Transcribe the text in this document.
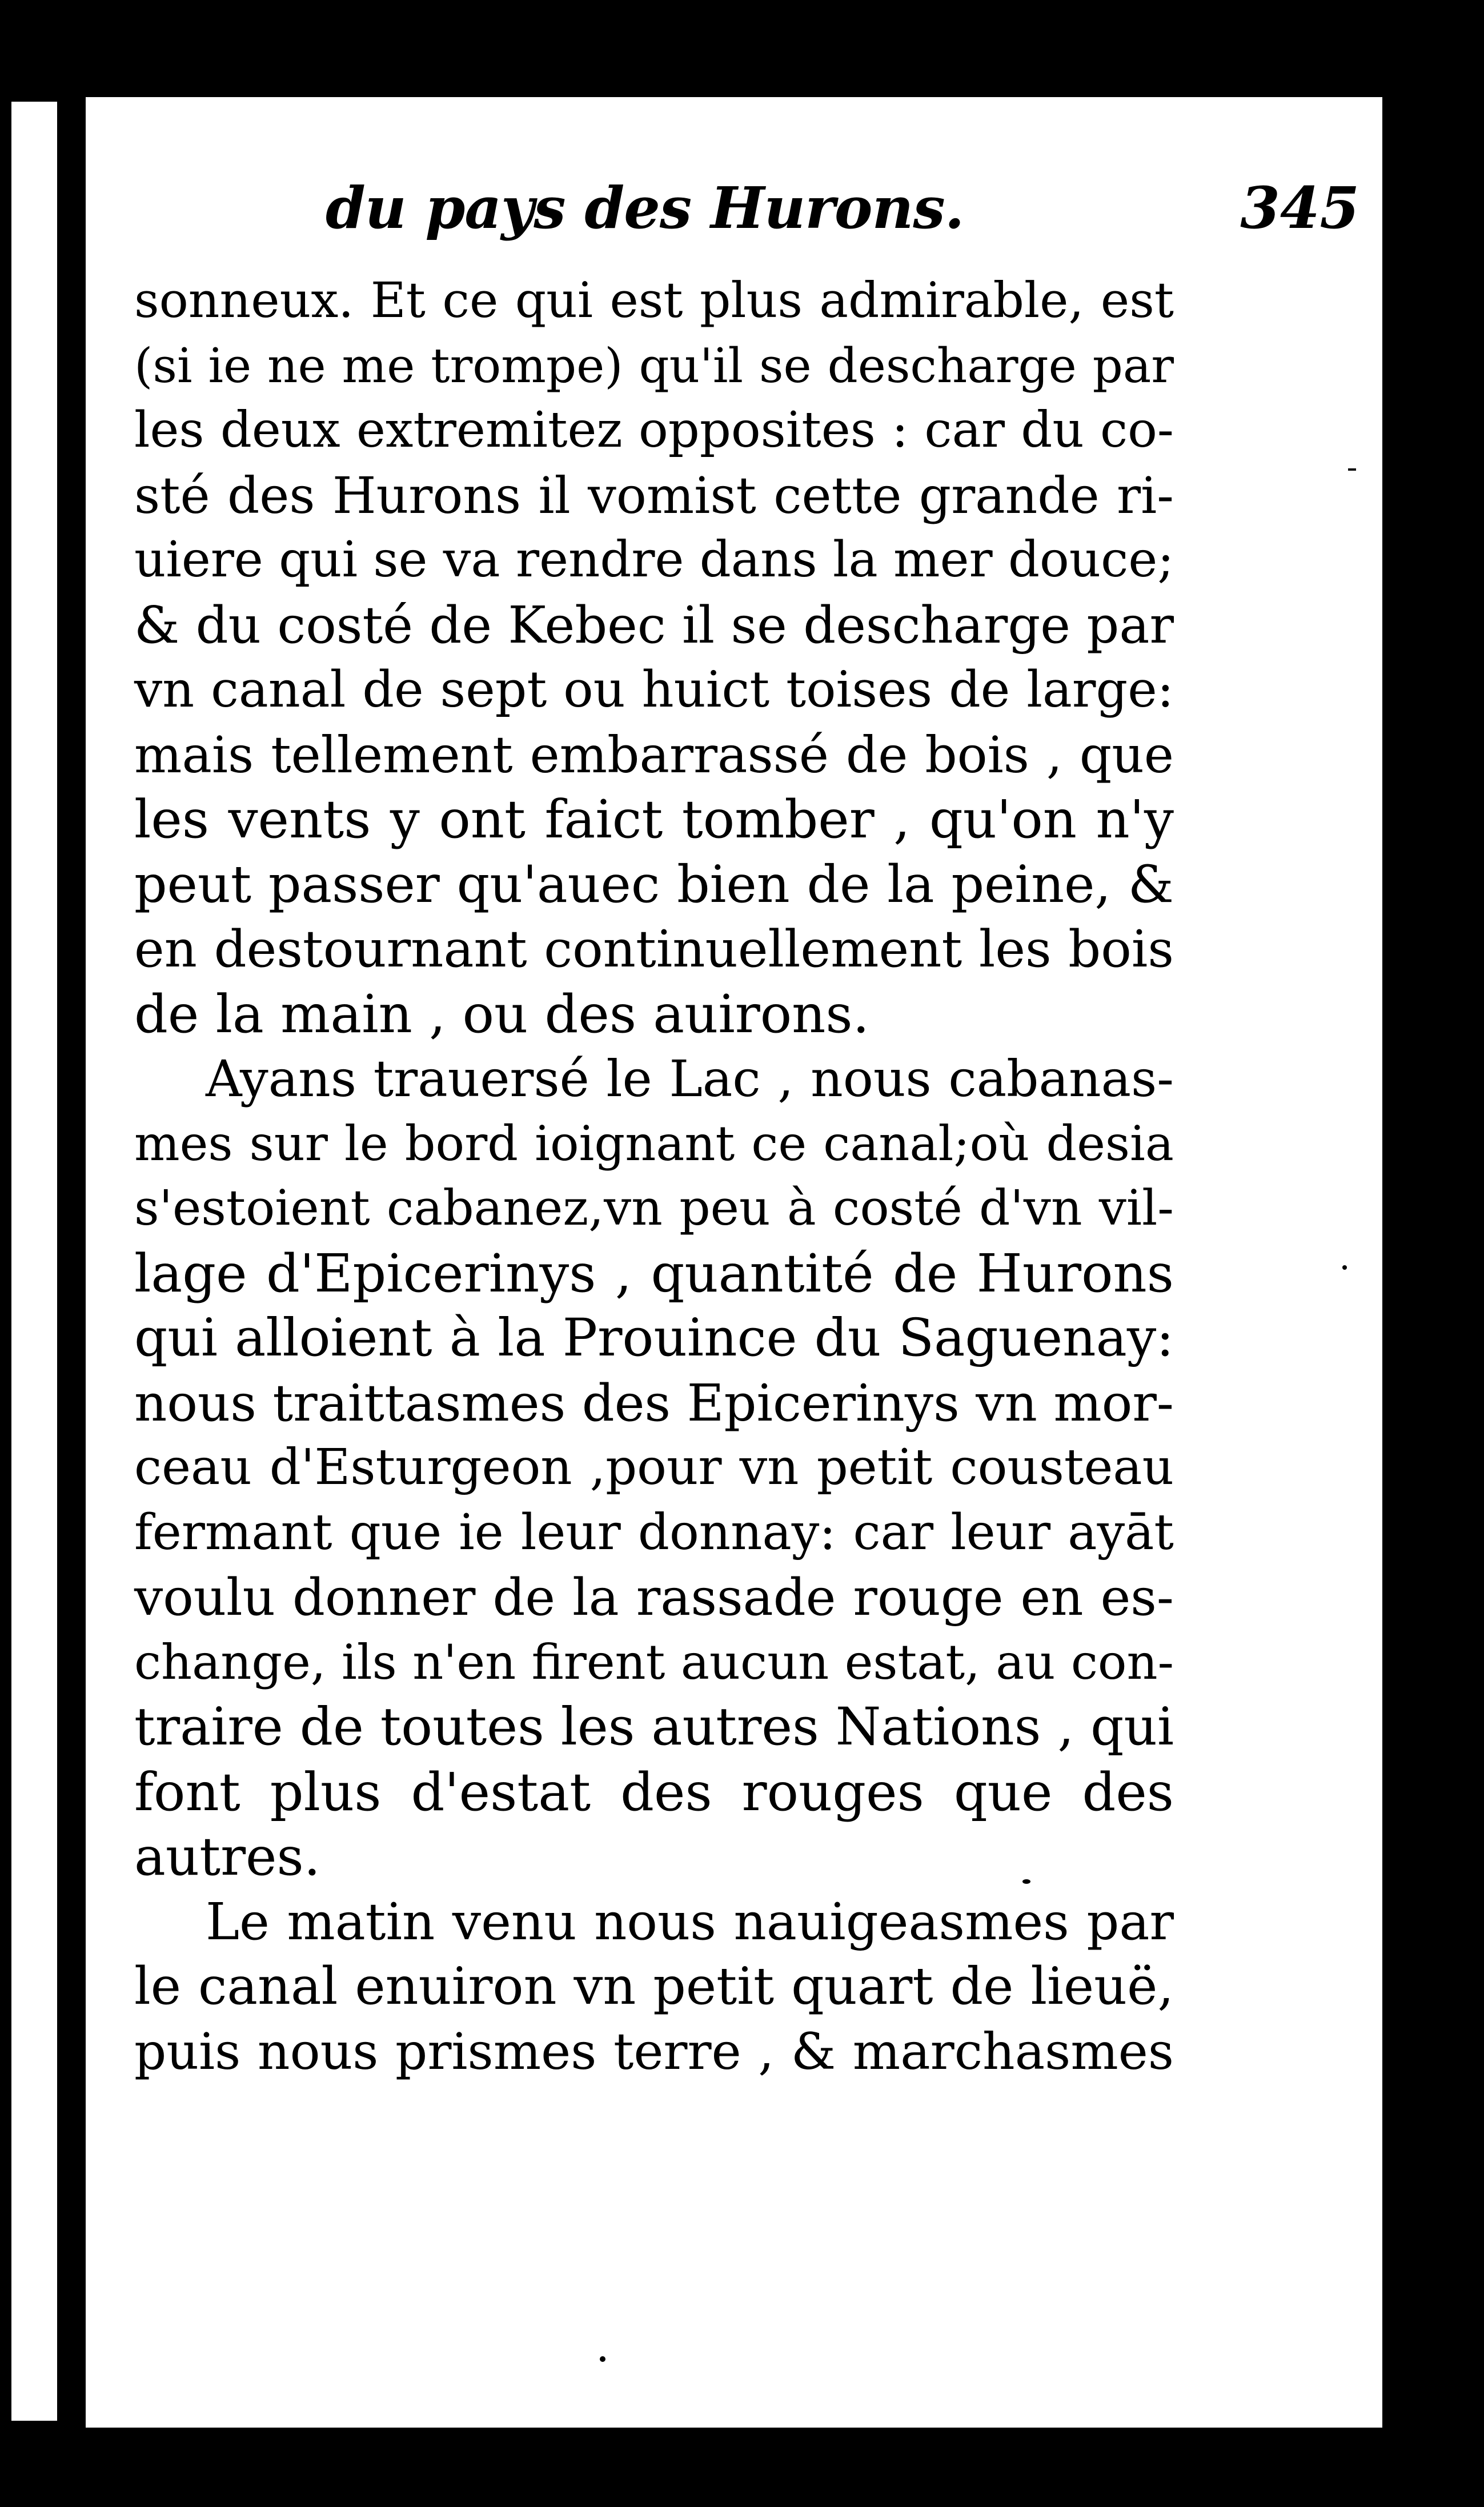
du pays des Hurons.	345
sonneux. Et ce qui est plus admirable, est
(si ie ne me trompe) qu'il se descharge par
les deux extremitez opposites : car du co-
sté des Hurons il vomist cette grande ri-
uiere qui se va rendre dans la mer douce;
& du costé de Kebec il se descharge par
vn canal de sept ou huict toises de large:
mais tellement embarrassé de bois , que
les vents y ont faict tomber , qu'on n'y
peut passer qu'auec bien de la peine, &
en destournant continuellement les bois
de la main , ou des auirons.
Ayans trauersé le Lac , nous cabanas-
mes sur le bord ioignant ce canal;où desia
s'estoient cabanez,vn peu à costé d'vn vil-
lage d'Epicerinys , quantité de Hurons
qui alloient à la Prouince du Saguenay:
nous traittasmes des Epicerinys vn mor-
ceau d'Esturgeon ,pour vn petit cousteau
fermant que ie leur donnay: car leur ayāt
voulu donner de la rassade rouge en es-
change, ils n'en firent aucun estat, au con-
traire de toutes les autres Nations , qui
font plus d'estat des rouges que des
autres.
Le matin venu nous nauigeasmes par
le canal enuiron vn petit quart de lieuë,
puis nous prismes terre , & marchasmes
